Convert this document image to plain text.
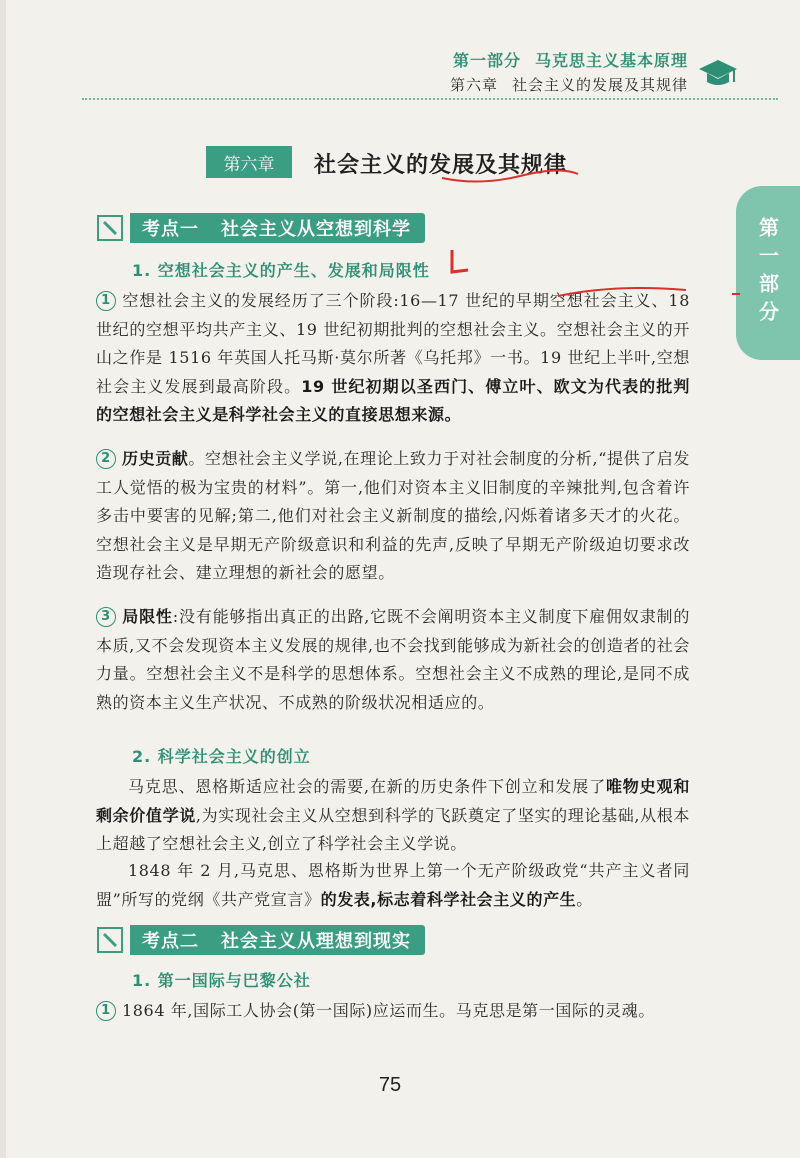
第一部分 马克思主义基本原理
第六章 社会主义的发展及其规律
第一部分
第六章	社会主义的发展及其规律
考点一 社会主义从空想到科学
1. 空想社会主义的产生、发展和局限性
1 空想社会主义的发展经历了三个阶段:16—17 世纪的早期空想社会主义、18 世纪的空想平均共产主义、19 世纪初期批判的空想社会主义。空想社会主义的开山之作是 1516 年英国人托马斯·莫尔所著《乌托邦》一书。19 世纪上半叶,空想社会主义发展到最高阶段。19 世纪初期以圣西门、傅立叶、欧文为代表的批判的空想社会主义是科学社会主义的直接思想来源。
2 历史贡献。空想社会主义学说,在理论上致力于对社会制度的分析,“提供了启发工人觉悟的极为宝贵的材料”。第一,他们对资本主义旧制度的辛辣批判,包含着许多击中要害的见解;第二,他们对社会主义新制度的描绘,闪烁着诸多天才的火花。空想社会主义是早期无产阶级意识和利益的先声,反映了早期无产阶级迫切要求改造现存社会、建立理想的新社会的愿望。
3 局限性:没有能够指出真正的出路,它既不会阐明资本主义制度下雇佣奴隶制的本质,又不会发现资本主义发展的规律,也不会找到能够成为新社会的创造者的社会力量。空想社会主义不是科学的思想体系。空想社会主义不成熟的理论,是同不成熟的资本主义生产状况、不成熟的阶级状况相适应的。
2. 科学社会主义的创立
马克思、恩格斯适应社会的需要,在新的历史条件下创立和发展了唯物史观和剩余价值学说,为实现社会主义从空想到科学的飞跃奠定了坚实的理论基础,从根本上超越了空想社会主义,创立了科学社会主义学说。
1848 年 2 月,马克思、恩格斯为世界上第一个无产阶级政党“共产主义者同盟”所写的党纲《共产党宣言》的发表,标志着科学社会主义的产生。
考点二 社会主义从理想到现实
1. 第一国际与巴黎公社
1 1864 年,国际工人协会(第一国际)应运而生。马克思是第一国际的灵魂。
75
